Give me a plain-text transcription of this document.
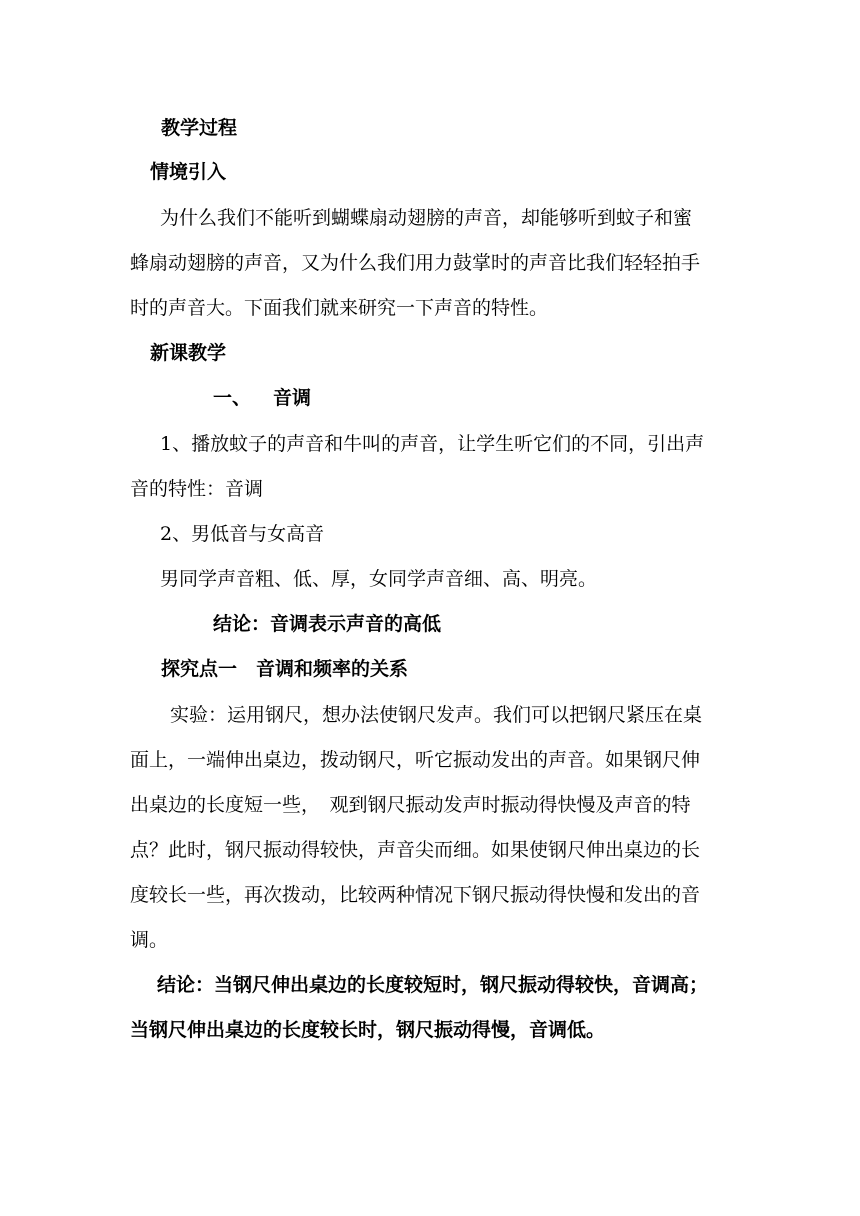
教学过程
情境引入
为什么我们不能听到蝴蝶扇动翅膀的声音，却能够听到蚊子和蜜
蜂扇动翅膀的声音，又为什么我们用力鼓掌时的声音比我们轻轻拍手
时的声音大。下面我们就来研究一下声音的特性。
新课教学
一、 音调
1、播放蚊子的声音和牛叫的声音，让学生听它们的不同，引出声
音的特性：音调
2、男低音与女高音
男同学声音粗、低、厚，女同学声音细、高、明亮。
结论：音调表示声音的高低
探究点一　音调和频率的关系
实验：运用钢尺，想办法使钢尺发声。我们可以把钢尺紧压在桌
面上，一端伸出桌边，拨动钢尺，听它振动发出的声音。如果钢尺伸
出桌边的长度短一些，　观到钢尺振动发声时振动得快慢及声音的特
点？此时，钢尺振动得较快，声音尖而细。如果使钢尺伸出桌边的长
度较长一些，再次拨动，比较两种情况下钢尺振动得快慢和发出的音
调。
结论：当钢尺伸出桌边的长度较短时，钢尺振动得较快，音调高；
当钢尺伸出桌边的长度较长时，钢尺振动得慢，音调低。
